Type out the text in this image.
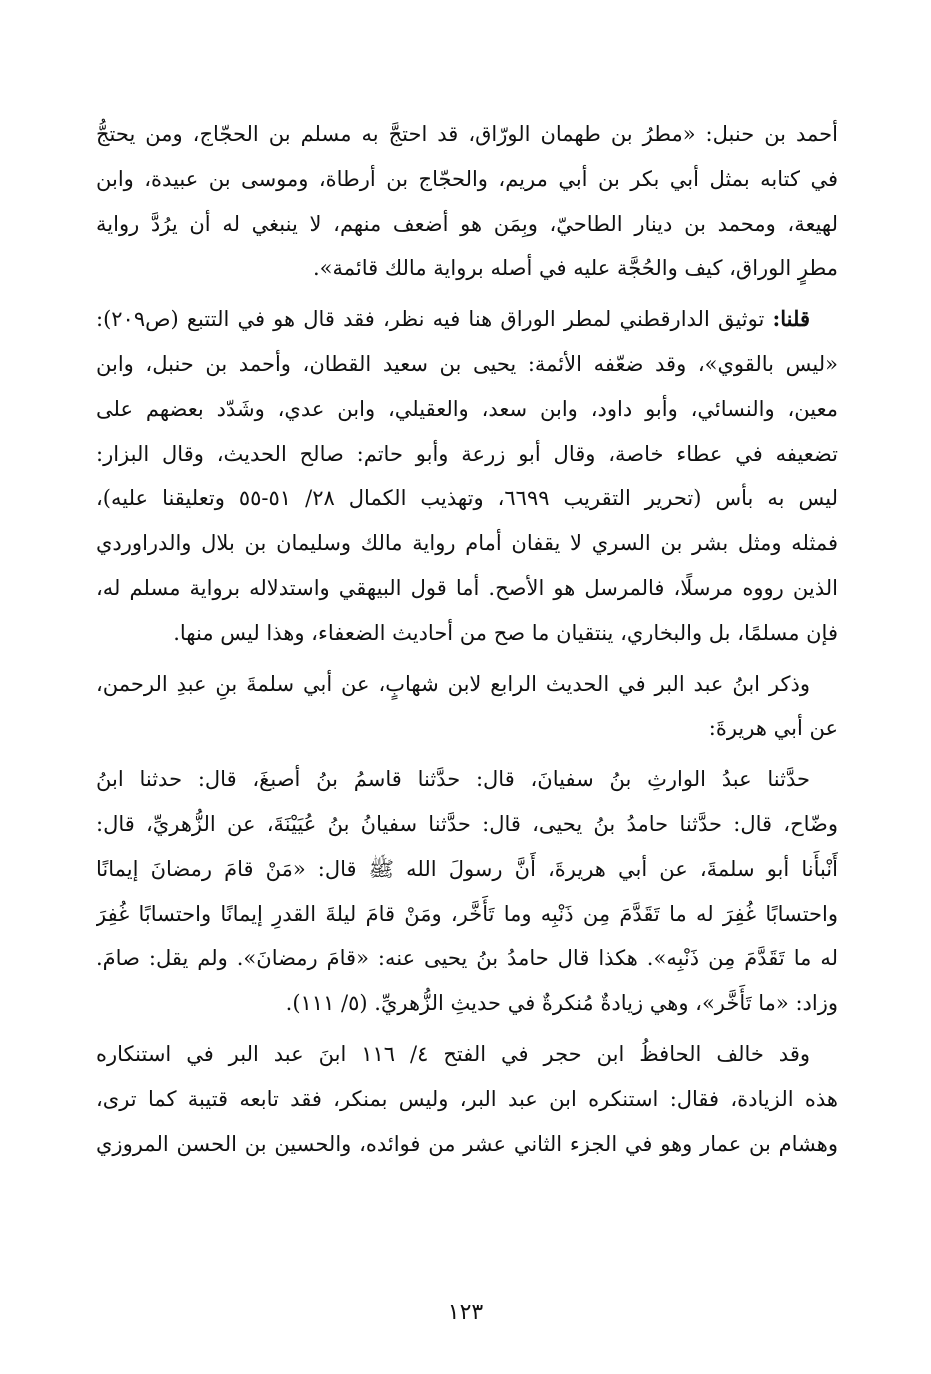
أحمد بن حنبل: «مطرُ بن طهمان الورّاق، قد احتجَّ به مسلم بن الحجّاج، ومن يحتجُّ
في كتابه بمثل أبي بكر بن أبي مريم، والحجّاج بن أرطاة، وموسى بن عبيدة، وابن
لهيعة، ومحمد بن دينار الطاحيّ، وبِمَن هو أضعف منهم، لا ينبغي له أن يرُدَّ رواية
مطرٍ الوراق، كيف والحُجَّة عليه في أصله برواية مالك قائمة».
قلنا: توثيق الدارقطني لمطر الوراق هنا فيه نظر، فقد قال هو في التتبع (ص٢٠٩):
«ليس بالقوي»، وقد ضعّفه الأئمة: يحيى بن سعيد القطان، وأحمد بن حنبل، وابن
معين، والنسائي، وأبو داود، وابن سعد، والعقيلي، وابن عدي، وشَدّد بعضهم على
تضعيفه في عطاء خاصة، وقال أبو زرعة وأبو حاتم: صالح الحديث، وقال البزار:
ليس به بأس (تحرير التقريب ٦٦٩٩، وتهذيب الكمال ٢٨/ ٥١-٥٥ وتعليقنا عليه)،
فمثله ومثل بشر بن السري لا يقفان أمام رواية مالك وسليمان بن بلال والدراوردي
الذين رووه مرسلًا، فالمرسل هو الأصح. أما قول البيهقي واستدلاله برواية مسلم له،
فإن مسلمًا، بل والبخاري، ينتقيان ما صح من أحاديث الضعفاء، وهذا ليس منها.
وذكر ابنُ عبد البر في الحديث الرابع لابن شهابٍ، عن أبي سلمةَ بنِ عبدِ الرحمن،
عن أبي هريرةَ:
حدَّثنا عبدُ الوارثِ بنُ سفيانَ، قال: حدَّثنا قاسمُ بنُ أصبغَ، قال: حدثنا ابنُ
وضّاح، قال: حدَّثنا حامدُ بنُ يحيى، قال: حدَّثنا سفيانُ بنُ عُيَيْنَةَ، عن الزُّهريِّ، قال:
أَنْبأَنا أبو سلمةَ، عن أبي هريرةَ، أَنَّ رسولَ الله ﷺ قال: «مَنْ قامَ رمضانَ إيمانًا
واحتسابًا غُفِرَ له ما تَقَدَّمَ مِن ذَنْبِه وما تَأَخَّر، ومَنْ قامَ ليلةَ القدرِ إيمانًا واحتسابًا غُفِرَ
له ما تَقَدَّمَ مِن ذَنْبِه». هكذا قال حامدُ بنُ يحيى عنه: «قامَ رمضانَ». ولم يقل: صامَ.
وزاد: «ما تَأَخَّر»، وهي زيادةٌ مُنكرةٌ في حديثِ الزُّهريِّ. (٥/ ١١١).
وقد خالف الحافظُ ابن حجر في الفتح ٤/ ١١٦ ابنَ عبد البر في استنكاره
هذه الزيادة، فقال: استنكره ابن عبد البر، وليس بمنكر، فقد تابعه قتيبة كما ترى،
وهشام بن عمار وهو في الجزء الثاني عشر من فوائده، والحسين بن الحسن المروزي
١٢٣
